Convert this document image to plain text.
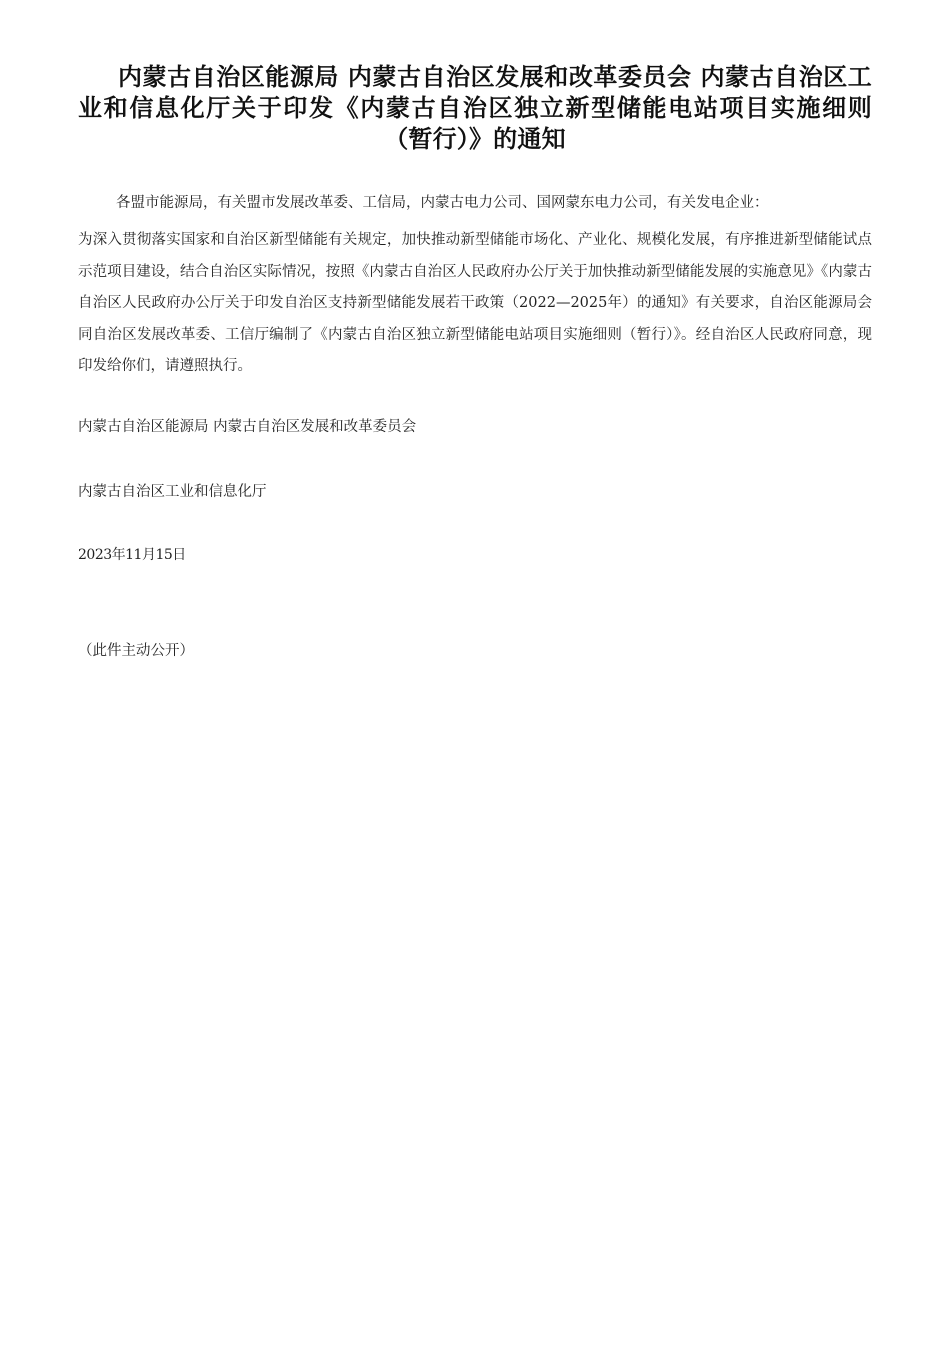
内蒙古自治区能源局 内蒙古自治区发展和改革委员会 内蒙古自治区工业和信息化厅关于印发《内蒙古自治区独立新型储能电站项目实施细则（暂行）》的通知
各盟市能源局，有关盟市发展改革委、工信局，内蒙古电力公司、国网蒙东电力公司，有关发电企业：
为深入贯彻落实国家和自治区新型储能有关规定，加快推动新型储能市场化、产业化、规模化发展，有序推进新型储能试点示范项目建设，结合自治区实际情况，按照《内蒙古自治区人民政府办公厅关于加快推动新型储能发展的实施意见》《内蒙古自治区人民政府办公厅关于印发自治区支持新型储能发展若干政策（2022—2025年）的通知》有关要求，自治区能源局会同自治区发展改革委、工信厅编制了《内蒙古自治区独立新型储能电站项目实施细则（暂行）》。经自治区人民政府同意，现印发给你们，请遵照执行。
内蒙古自治区能源局 内蒙古自治区发展和改革委员会
内蒙古自治区工业和信息化厅
2023年11月15日
（此件主动公开）
